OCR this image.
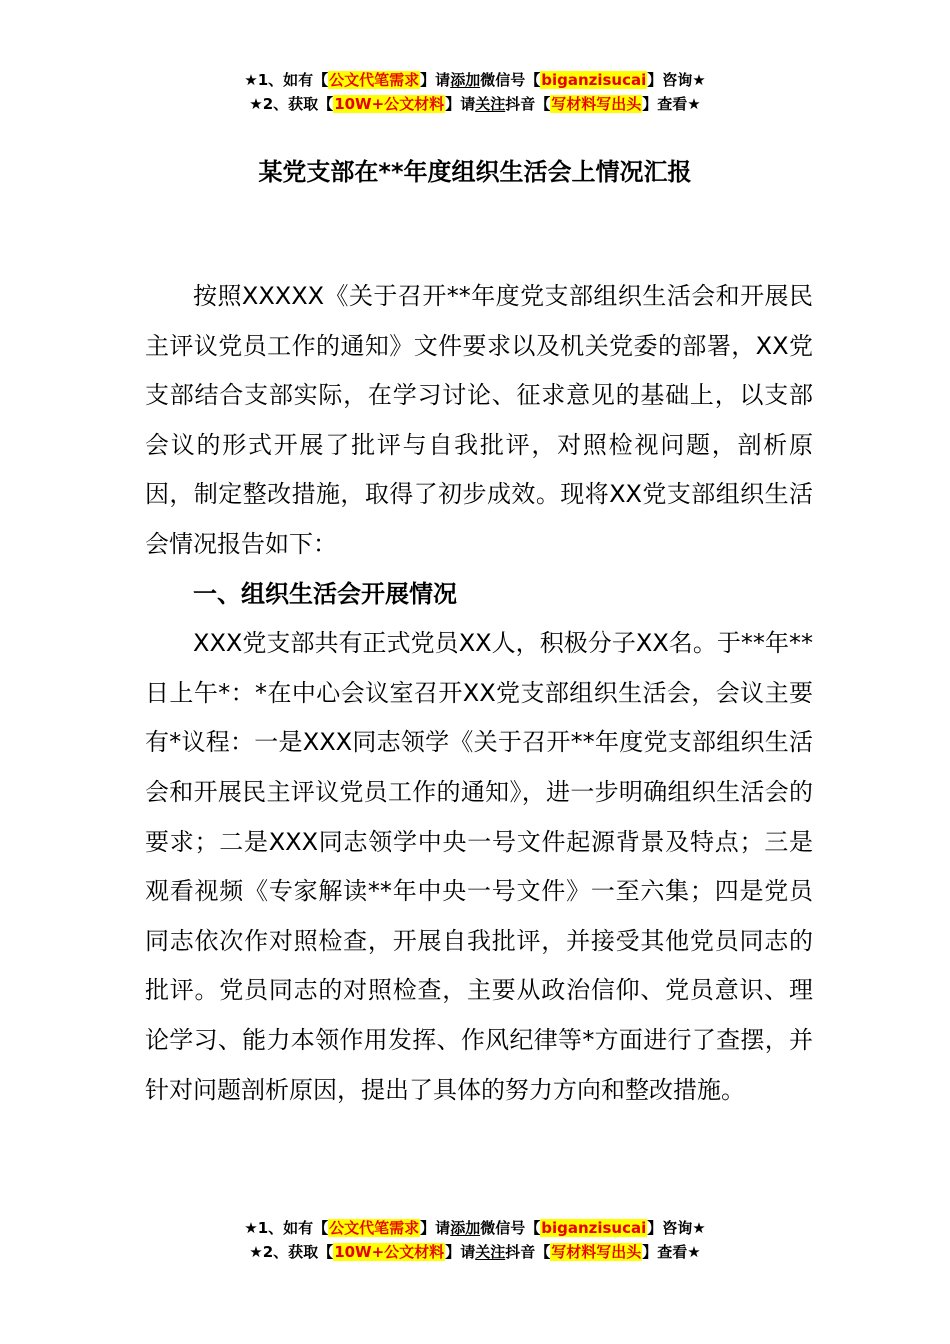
★1、如有【公文代笔需求】请添加微信号【biganzisucai】咨询★
★2、获取【10W+公文材料】请关注抖音【写材料写出头】查看★
某党支部在**年度组织生活会上情况汇报

按照XXXXX《关于召开**年度党支部组织生活会和开展民主评议党员工作的通知》文件要求以及机关党委的部署，XX党支部结合支部实际，在学习讨论、征求意见的基础上，以支部会议的形式开展了批评与自我批评，对照检视问题，剖析原因，制定整改措施，取得了初步成效。现将XX党支部组织生活会情况报告如下：

一、组织生活会开展情况

XXX党支部共有正式党员XX人，积极分子XX名。于**年**日上午*：*在中心会议室召开XX党支部组织生活会，会议主要有*议程：一是XXX同志领学《关于召开**年度党支部组织生活会和开展民主评议党员工作的通知》，进一步明确组织生活会的要求；二是XXX同志领学中央一号文件起源背景及特点；三是观看视频《专家解读**年中央一号文件》一至六集；四是党员同志依次作对照检查，开展自我批评，并接受其他党员同志的批评。党员同志的对照检查，主要从政治信仰、党员意识、理论学习、能力本领作用发挥、作风纪律等*方面进行了查摆，并针对问题剖析原因，提出了具体的努力方向和整改措施。

★1、如有【公文代笔需求】请添加微信号【biganzisucai】咨询★
★2、获取【10W+公文材料】请关注抖音【写材料写出头】查看★
